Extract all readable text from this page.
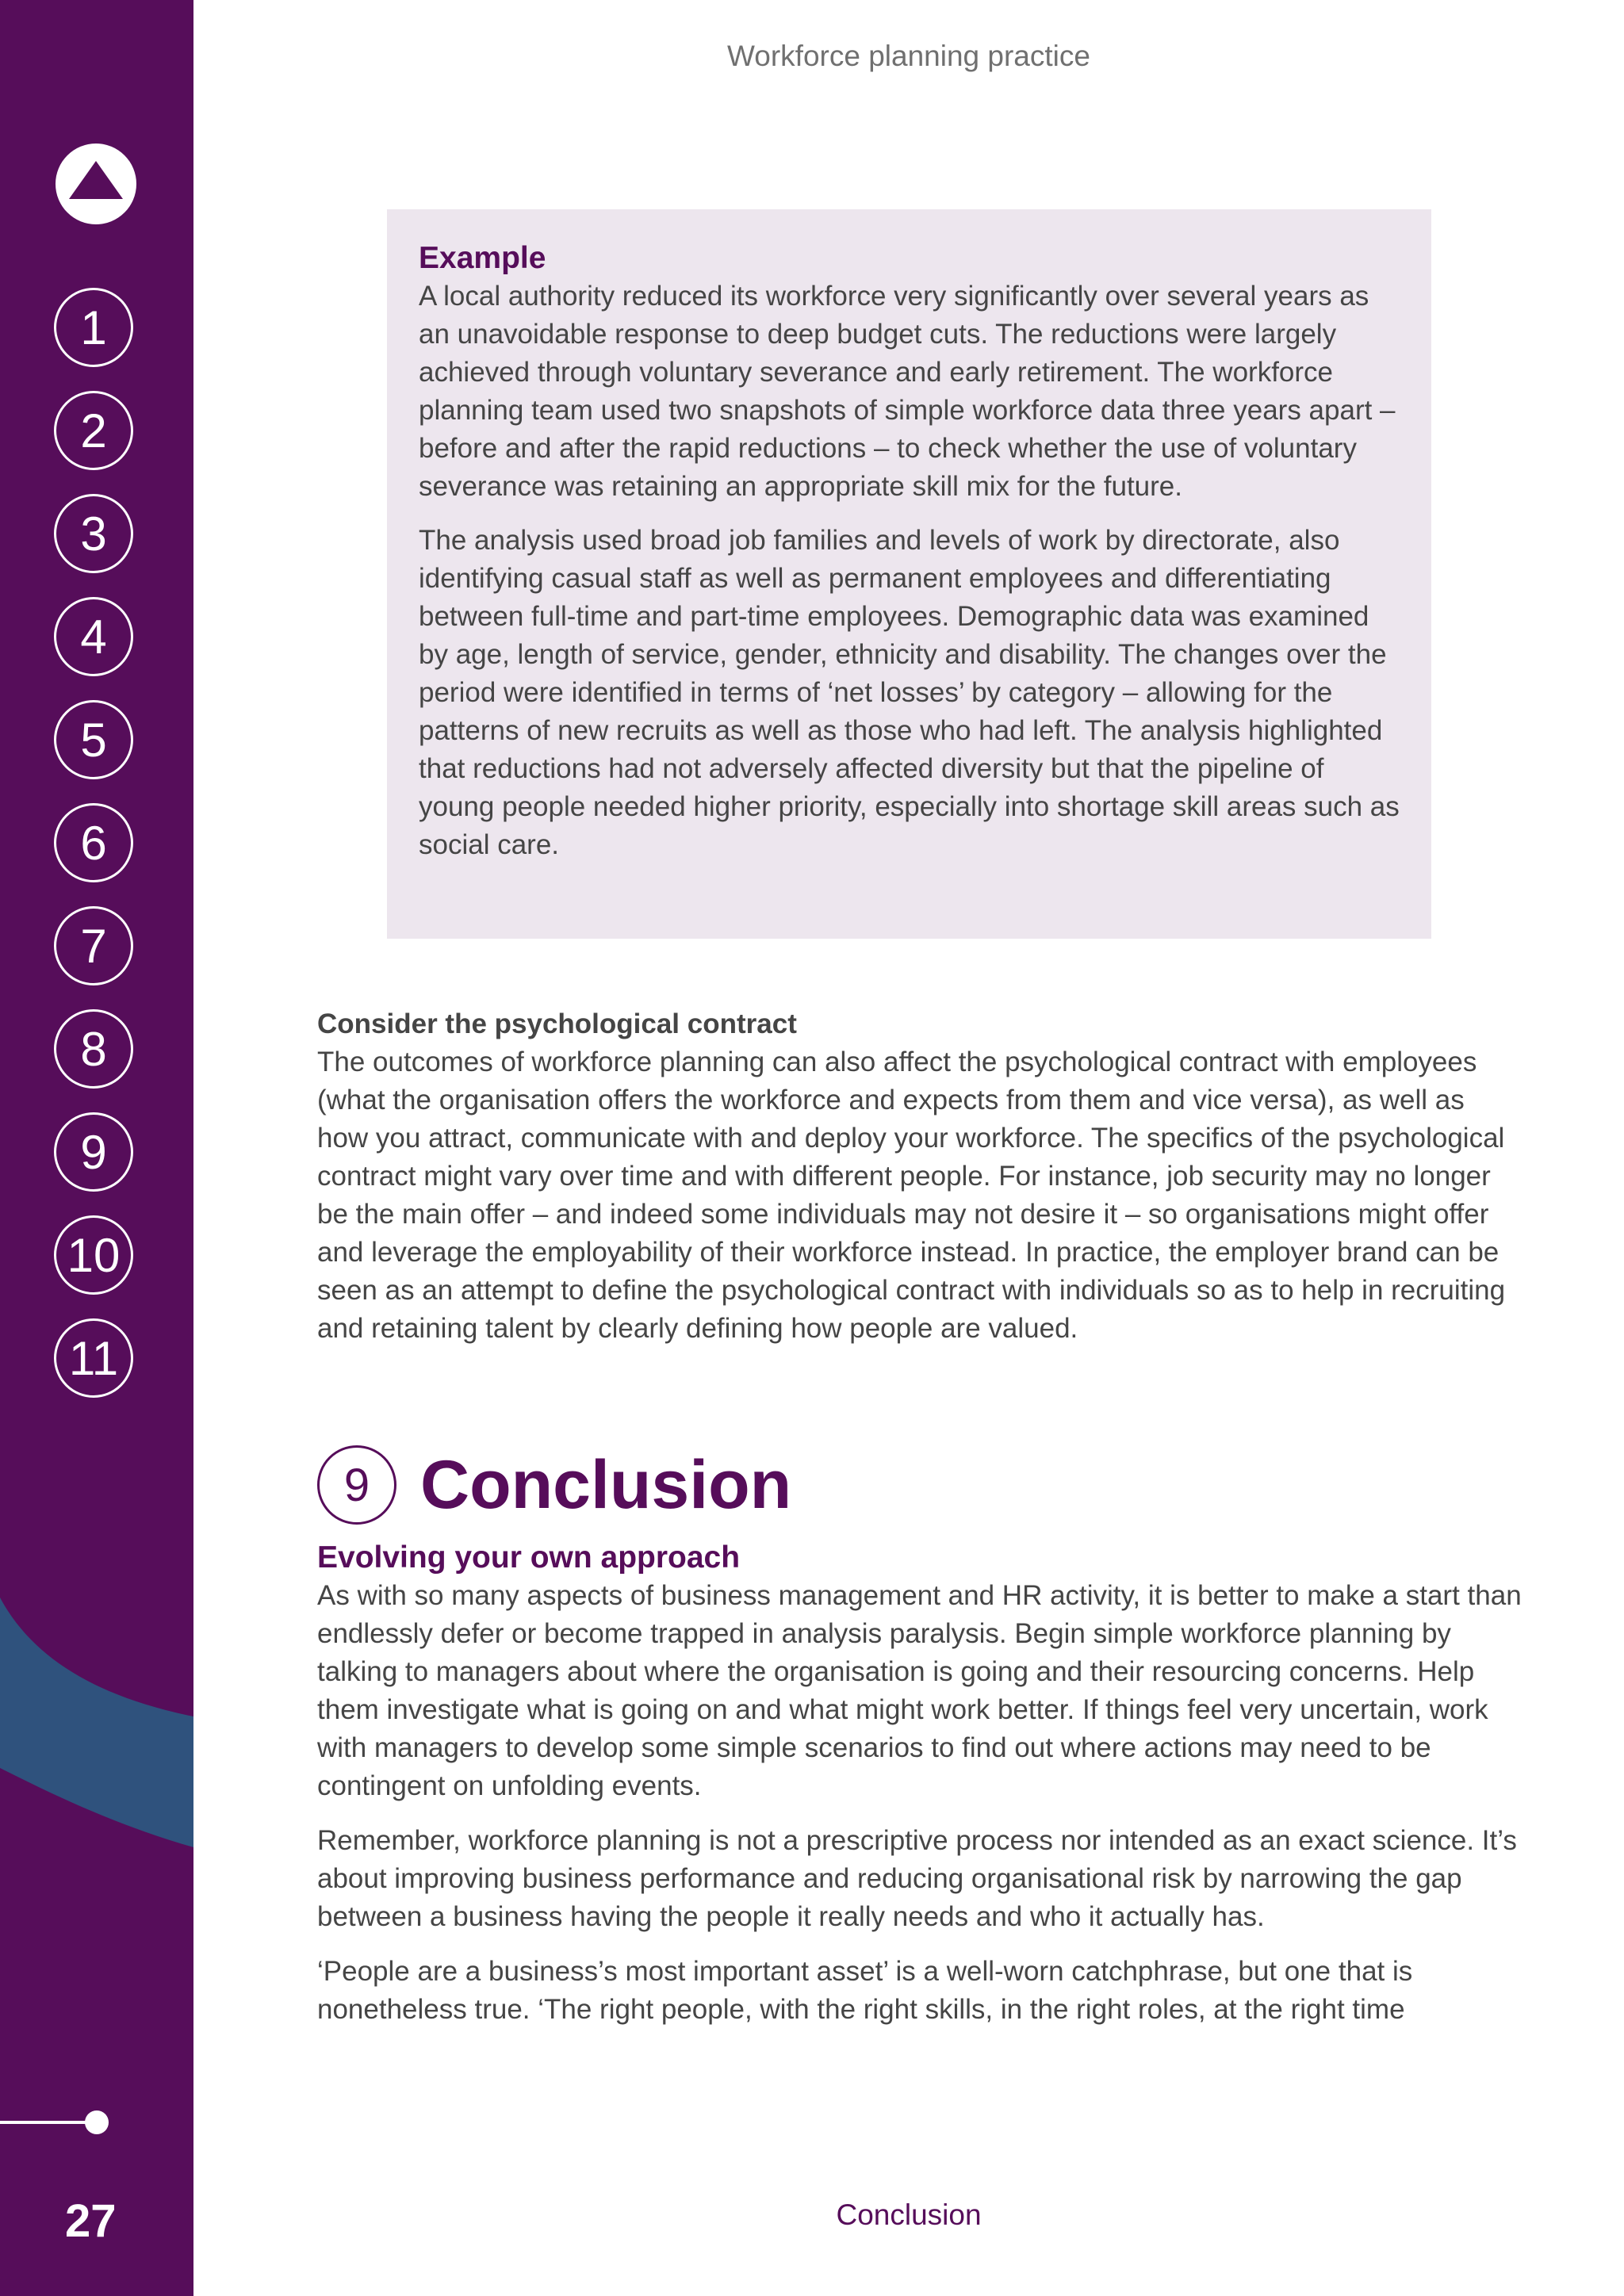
1
2
3
4
5
6
7
8
9
10
11
27
Workforce planning practice
Example

A local authority reduced its workforce very significantly over several years as an unavoidable response to deep budget cuts. The reductions were largely achieved through voluntary severance and early retirement. The workforce planning team used two snapshots of simple workforce data three years apart – before and after the rapid reductions – to check whether the use of voluntary severance was retaining an appropriate skill mix for the future.

The analysis used broad job families and levels of work by directorate, also identifying casual staff as well as permanent employees and differentiating between full-time and part-time employees. Demographic data was examined by age, length of service, gender, ethnicity and disability. The changes over the period were identified in terms of ‘net losses’ by category – allowing for the patterns of new recruits as well as those who had left. The analysis highlighted that reductions had not adversely affected diversity but that the pipeline of young people needed higher priority, especially into shortage skill areas such as social care.

Consider the psychological contract

The outcomes of workforce planning can also affect the psychological contract with employees (what the organisation offers the workforce and expects from them and vice versa), as well as how you attract, communicate with and deploy your workforce. The specifics of the psychological contract might vary over time and with different people. For instance, job security may no longer be the main offer – and indeed some individuals may not desire it – so organisations might offer and leverage the employability of their workforce instead. In practice, the employer brand can be seen as an attempt to define the psychological contract with individuals so as to help in recruiting and retaining talent by clearly defining how people are valued.

9 Conclusion
Evolving your own approach

As with so many aspects of business management and HR activity, it is better to make a start than endlessly defer or become trapped in analysis paralysis. Begin simple workforce planning by talking to managers about where the organisation is going and their resourcing concerns. Help them investigate what is going on and what might work better. If things feel very uncertain, work with managers to develop some simple scenarios to find out where actions may need to be contingent on unfolding events.

Remember, workforce planning is not a prescriptive process nor intended as an exact science. It’s about improving business performance and reducing organisational risk by narrowing the gap between a business having the people it really needs and who it actually has.

‘People are a business’s most important asset’ is a well-worn catchphrase, but one that is nonetheless true. ‘The right people, with the right skills, in the right roles, at the right time

Conclusion
